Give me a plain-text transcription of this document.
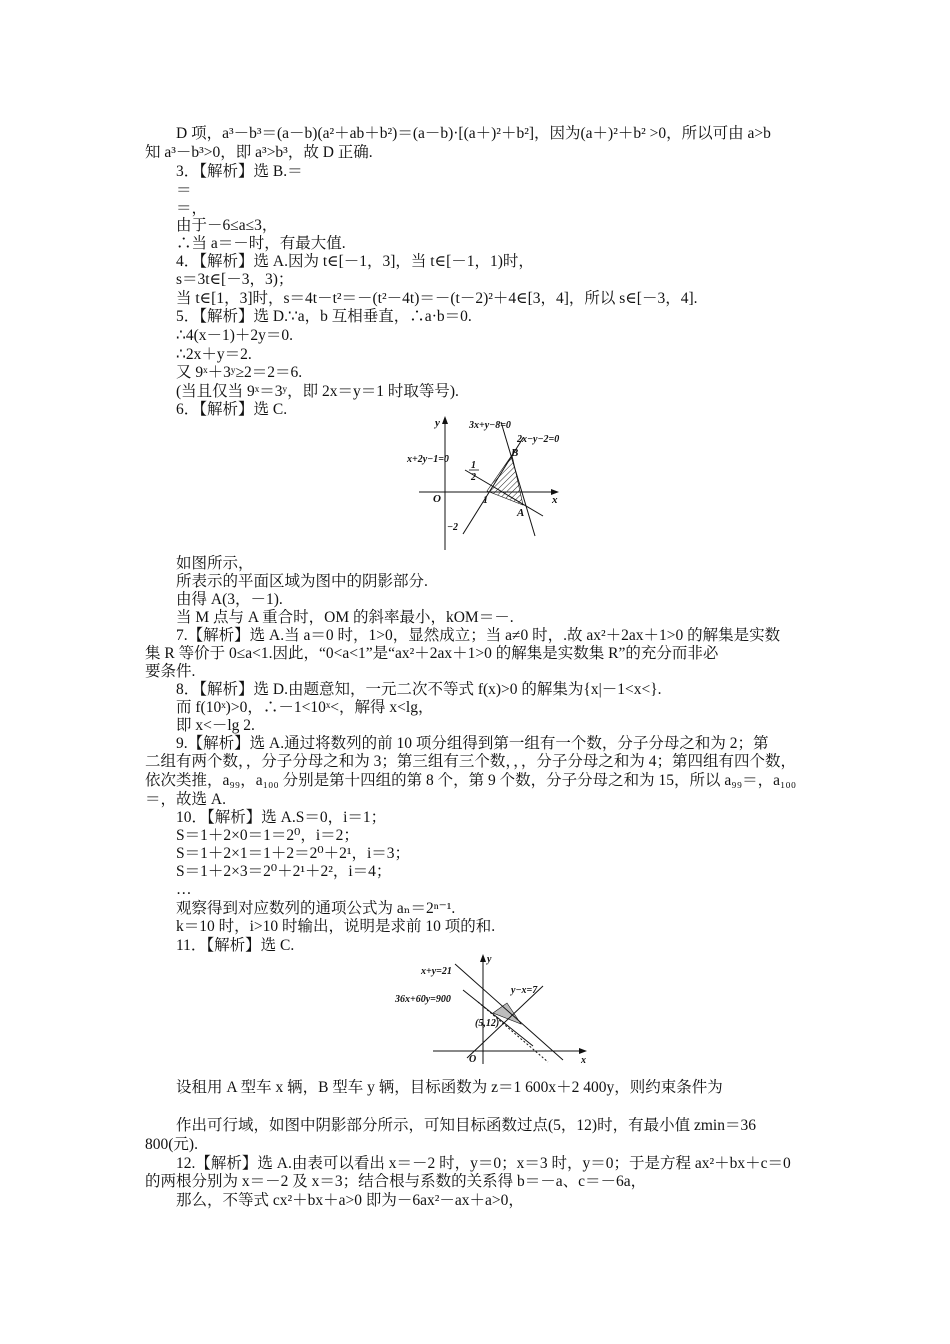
D 项，a³－b³＝(a－b)(a²＋ab＋b²)＝(a－b)·[(a＋)²＋b²]，因为(a＋)²＋b² >0，所以可由 a>b
知 a³－b³>0，即 a³>b³，故 D 正确.
3．【解析】选 B.＝
＝
＝，
由于－6≤a≤3，
∴当 a＝－时，有最大值.
4．【解析】选 A.因为 t∈[－1，3]，当 t∈[－1，1)时，
s＝3t∈[－3，3)；
当 t∈[1，3]时，s＝4t－t²＝－(t²－4t)＝－(t－2)²＋4∈[3，4]，所以 s∈[－3，4].
5．【解析】选 D.∵a，b 互相垂直，∴a·b＝0.
∴4(x－1)＋2y＝0.
∴2x＋y＝2.
又 9ˣ＋3ʸ≥2＝2＝6.
(当且仅当 9ˣ＝3ʸ，即 2x＝y＝1 时取等号).
6．【解析】选 C.
y
x
O	1
−2
1
2
3x+y−8=0
2x−y−2=0
x+2y−1=0
B
A
如图所示，
所表示的平面区域为图中的阴影部分.
由得 A(3，－1).
当 M 点与 A 重合时，OM 的斜率最小，kOM＝－.
7.【解析】选 A.当 a＝0 时，1>0，显然成立；当 a≠0 时，.故 ax²＋2ax＋1>0 的解集是实数
集 R 等价于 0≤a<1.因此，“0<a<1”是“ax²＋2ax＋1>0 的解集是实数集 R”的充分而非必
要条件.
8．【解析】选 D.由题意知，一元二次不等式 f(x)>0 的解集为{x|－1<x<}.
而 f(10ˣ)>0，∴－1<10ˣ<，解得 x<lg，
即 x<－lg 2.
9.【解析】选 A.通过将数列的前 10 项分组得到第一组有一个数，分子分母之和为 2；第
二组有两个数，，分子分母之和为 3；第三组有三个数，，，分子分母之和为 4；第四组有四个数，
依次类推，a₉₉，a₁₀₀ 分别是第十四组的第 8 个，第 9 个数，分子分母之和为 15，所以 a₉₉＝，a₁₀₀
＝，故选 A.
10．【解析】选 A.S＝0，i＝1；
S＝1＋2×0＝1＝2⁰，i＝2；
S＝1＋2×1＝1＋2＝2⁰＋2¹，i＝3；
S＝1＋2×3＝2⁰＋2¹＋2²，i＝4；
…
观察得到对应数列的通项公式为 aₙ＝2ⁿ⁻¹.
k＝10 时，i>10 时输出，说明是求前 10 项的和.
11．【解析】选 C.
y
x
O
x+y=21
36x+60y=900
y−x=7
(5,12)
设租用 A 型车 x 辆，B 型车 y 辆，目标函数为 z＝1 600x＋2 400y，则约束条件为
作出可行域，如图中阴影部分所示，可知目标函数过点(5，12)时，有最小值 zmin＝36
800(元).
12.【解析】选 A.由表可以看出 x＝－2 时，y＝0；x＝3 时，y＝0；于是方程 ax²＋bx＋c＝0
的两根分别为 x＝－2 及 x＝3；结合根与系数的关系得 b＝－a、c＝－6a，
那么，不等式 cx²＋bx＋a>0 即为－6ax²－ax＋a>0，
